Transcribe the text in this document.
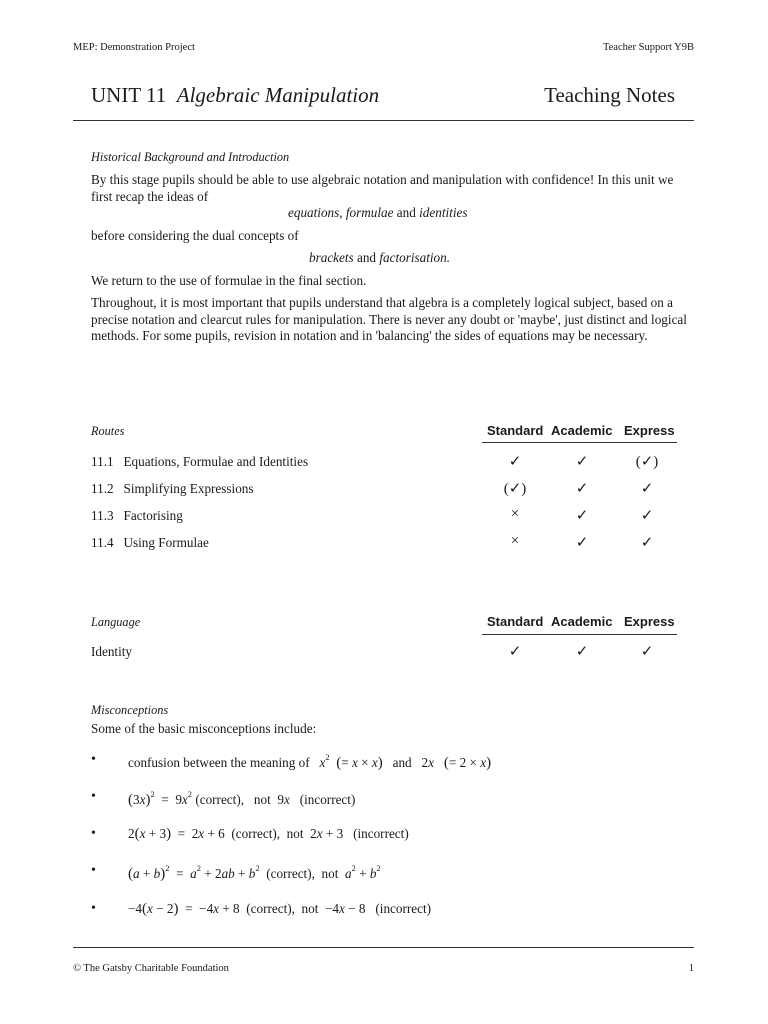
MEP: Demonstration Project	Teacher Support Y9B
UNIT 11 Algebraic Manipulation	Teaching Notes
Historical Background and Introduction
By this stage pupils should be able to use algebraic notation and manipulation with confidence! In this unit we first recap the ideas of
equations, formulae and identities
before considering the dual concepts of
brackets and factorisation.
We return to the use of formulae in the final section.
Throughout, it is most important that pupils understand that algebra is a completely logical subject, based on a precise notation and clearcut rules for manipulation. There is never any doubt or 'maybe', just distinct and logical methods. For some pupils, revision in notation and in 'balancing' the sides of equations may be necessary.
Routes	Standard Academic Express
11.1 Equations, Formulae and Identities	✓	✓	(✓)
11.2 Simplifying Expressions	(✓)	✓	✓
11.3 Factorising	×	✓	✓
11.4 Using Formulae	×	✓	✓
Language	Standard Academic Express
Identity	✓	✓	✓
Misconceptions
Some of the basic misconceptions include:
• confusion between the meaning of $x^2$ (= x × x) and   2x (= 2 × x)
• $(3x)^2 = 9x^2$ (correct), not  9x (incorrect)
• 2(x + 3)  =  2x + 6  (correct), not  2x + 3   (incorrect)
• $(a + b)^2 = a^2 + 2ab + b^2$ (correct), not $a^2 + b^2$
• −4(x − 2)  =  −4x + 8  (correct), not  −4x − 8   (incorrect)
© The Gatsby Charitable Foundation	1
